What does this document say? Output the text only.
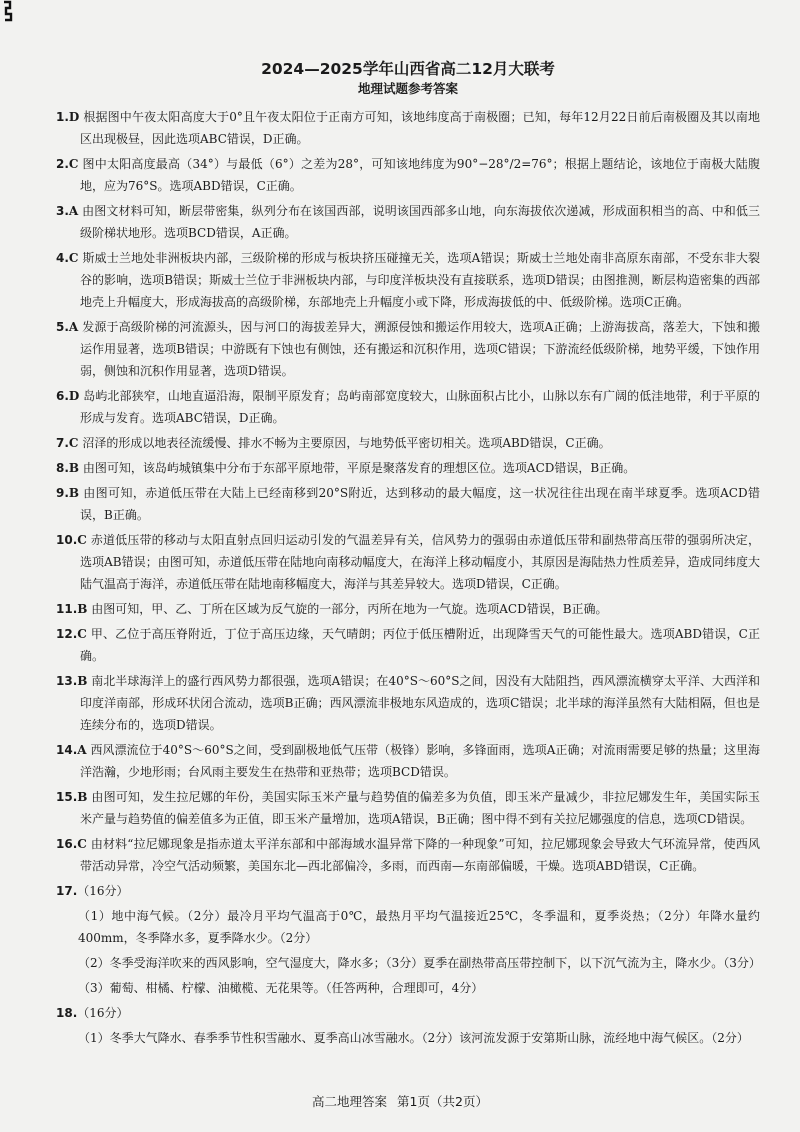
2024—2025学年山西省高二12月大联考
地理试题参考答案

1.D 根据图中午夜太阳高度大于0°且午夜太阳位于正南方可知，该地纬度高于南极圈；已知，每年12月22日前后南极圈及其以南地区出现极昼，因此选项ABC错误，D正确。

2.C 图中太阳高度最高（34°）与最低（6°）之差为28°，可知该地纬度为90°−28°/2=76°；根据上题结论，该地位于南极大陆腹地，应为76°S。选项ABD错误，C正确。

3.A 由图文材料可知，断层带密集，纵列分布在该国西部，说明该国西部多山地，向东海拔依次递减，形成面积相当的高、中和低三级阶梯状地形。选项BCD错误，A正确。

4.C 斯威士兰地处非洲板块内部，三级阶梯的形成与板块挤压碰撞无关，选项A错误；斯威士兰地处南非高原东南部，不受东非大裂谷的影响，选项B错误；斯威士兰位于非洲板块内部，与印度洋板块没有直接联系，选项D错误；由图推测，断层构造密集的西部地壳上升幅度大，形成海拔高的高级阶梯，东部地壳上升幅度小或下降，形成海拔低的中、低级阶梯。选项C正确。

5.A 发源于高级阶梯的河流源头，因与河口的海拔差异大，溯源侵蚀和搬运作用较大，选项A正确；上游海拔高，落差大，下蚀和搬运作用显著，选项B错误；中游既有下蚀也有侧蚀，还有搬运和沉积作用，选项C错误；下游流经低级阶梯，地势平缓，下蚀作用弱，侧蚀和沉积作用显著，选项D错误。

6.D 岛屿北部狭窄，山地直逼沿海，限制平原发育；岛屿南部宽度较大，山脉面积占比小，山脉以东有广阔的低洼地带，利于平原的形成与发育。选项ABC错误，D正确。

7.C 沼泽的形成以地表径流缓慢、排水不畅为主要原因，与地势低平密切相关。选项ABD错误，C正确。

8.B 由图可知，该岛屿城镇集中分布于东部平原地带，平原是聚落发育的理想区位。选项ACD错误，B正确。

9.B 由图可知，赤道低压带在大陆上已经南移到20°S附近，达到移动的最大幅度，这一状况往往出现在南半球夏季。选项ACD错误，B正确。

10.C 赤道低压带的移动与太阳直射点回归运动引发的气温差异有关，信风势力的强弱由赤道低压带和副热带高压带的强弱所决定，选项AB错误；由图可知，赤道低压带在陆地向南移动幅度大，在海洋上移动幅度小，其原因是海陆热力性质差异，造成同纬度大陆气温高于海洋，赤道低压带在陆地南移幅度大，海洋与其差异较大。选项D错误，C正确。

11.B 由图可知，甲、乙、丁所在区域为反气旋的一部分，丙所在地为一气旋。选项ACD错误，B正确。

12.C 甲、乙位于高压脊附近，丁位于高压边缘，天气晴朗；丙位于低压槽附近，出现降雪天气的可能性最大。选项ABD错误，C正确。

13.B 南北半球海洋上的盛行西风势力都很强，选项A错误；在40°S～60°S之间，因没有大陆阻挡，西风漂流横穿太平洋、大西洋和印度洋南部，形成环状闭合流动，选项B正确；西风漂流非极地东风造成的，选项C错误；北半球的海洋虽然有大陆相隔，但也是连续分布的，选项D错误。

14.A 西风漂流位于40°S～60°S之间，受到副极地低气压带（极锋）影响，多锋面雨，选项A正确；对流雨需要足够的热量；这里海洋浩瀚，少地形雨；台风雨主要发生在热带和亚热带；选项BCD错误。

15.B 由图可知，发生拉尼娜的年份，美国实际玉米产量与趋势值的偏差多为负值，即玉米产量减少，非拉尼娜发生年，美国实际玉米产量与趋势值的偏差值多为正值，即玉米产量增加，选项A错误，B正确；图中得不到有关拉尼娜强度的信息，选项CD错误。

16.C 由材料“拉尼娜现象是指赤道太平洋东部和中部海域水温异常下降的一种现象”可知，拉尼娜现象会导致大气环流异常，使西风带活动异常，冷空气活动频繁，美国东北—西北部偏冷，多雨，而西南—东南部偏暖，干燥。选项ABD错误，C正确。

17.（16分）

（1）地中海气候。（2分）最冷月平均气温高于0℃，最热月平均气温接近25℃，冬季温和，夏季炎热；（2分）年降水量约400mm，冬季降水多，夏季降水少。（2分）

（2）冬季受海洋吹来的西风影响，空气湿度大，降水多；（3分）夏季在副热带高压带控制下，以下沉气流为主，降水少。（3分）

（3）葡萄、柑橘、柠檬、油橄榄、无花果等。（任答两种，合理即可，4分）

18.（16分）

（1）冬季大气降水、春季季节性积雪融水、夏季高山冰雪融水。（2分）该河流发源于安第斯山脉，流经地中海气候区。（2分）

高二地理答案 第1页（共2页）
